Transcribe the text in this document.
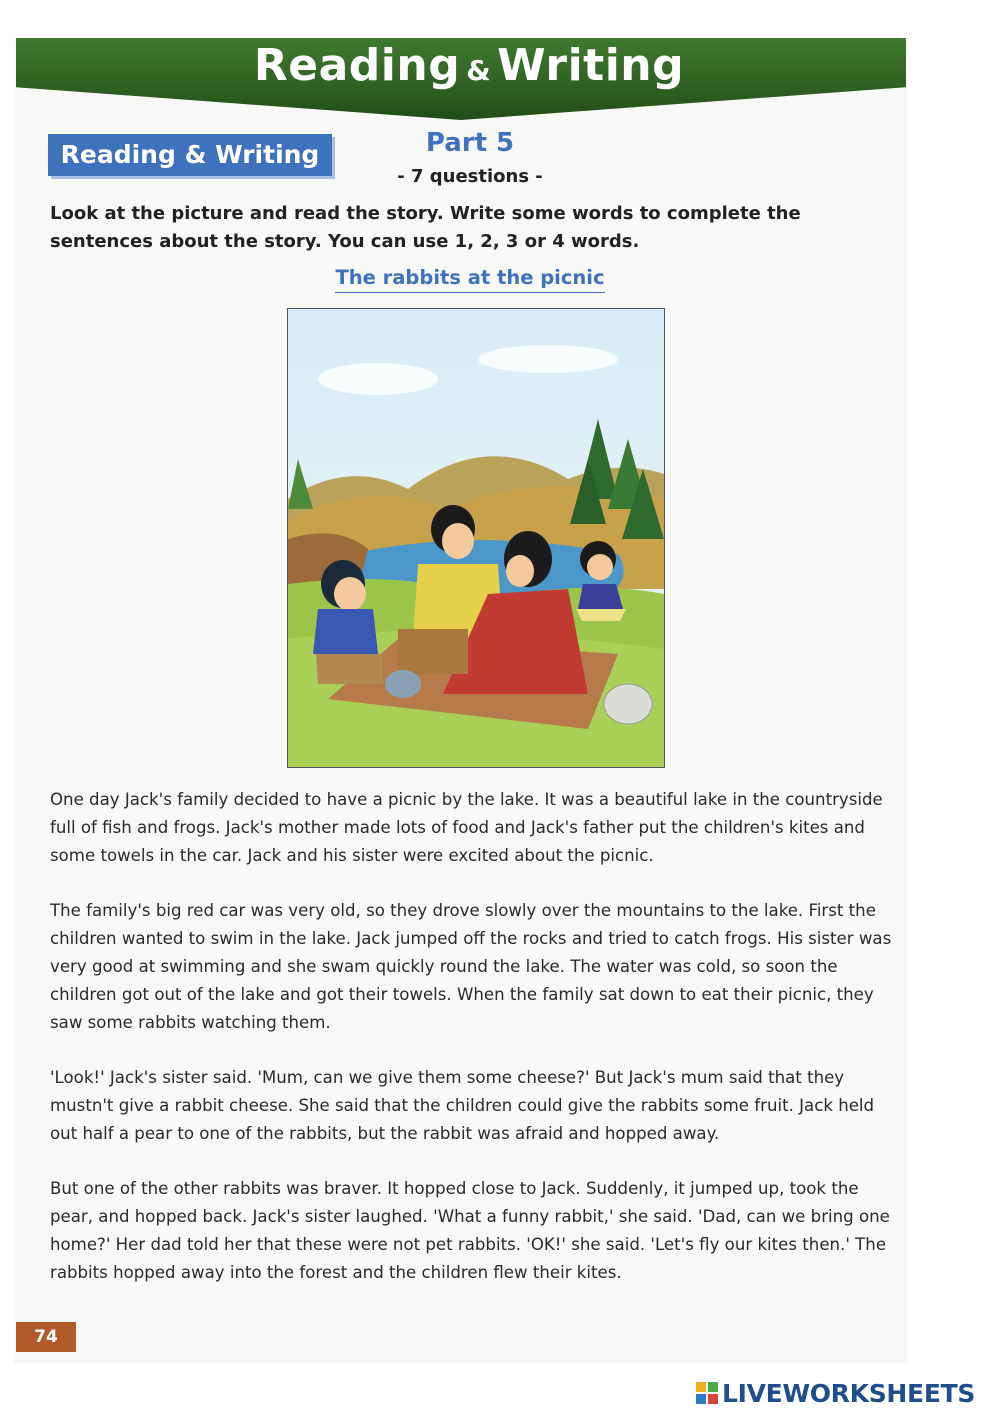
Reading & Writing
Reading & Writing	Part 5
- 7 questions -
Look at the picture and read the story. Write some words to complete the sentences about the story. You can use 1, 2, 3 or 4 words.
The rabbits at the picnic

One day Jack's family decided to have a picnic by the lake. It was a beautiful lake in the countryside full of fish and frogs. Jack's mother made lots of food and Jack's father put the children's kites and some towels in the car. Jack and his sister were excited about the picnic.

The family's big red car was very old, so they drove slowly over the mountains to the lake. First the children wanted to swim in the lake. Jack jumped off the rocks and tried to catch frogs. His sister was very good at swimming and she swam quickly round the lake. The water was cold, so soon the children got out of the lake and got their towels. When the family sat down to eat their picnic, they saw some rabbits watching them.

'Look!' Jack's sister said. 'Mum, can we give them some cheese?' But Jack's mum said that they mustn't give a rabbit cheese. She said that the children could give the rabbits some fruit. Jack held out half a pear to one of the rabbits, but the rabbit was afraid and hopped away.

But one of the other rabbits was braver. It hopped close to Jack. Suddenly, it jumped up, took the pear, and hopped back. Jack's sister laughed. 'What a funny rabbit,' she said. 'Dad, can we bring one home?' Her dad told her that these were not pet rabbits. 'OK!' she said. 'Let's fly our kites then.' The rabbits hopped away into the forest and the children flew their kites.

74
LIVEWORKSHEETS
